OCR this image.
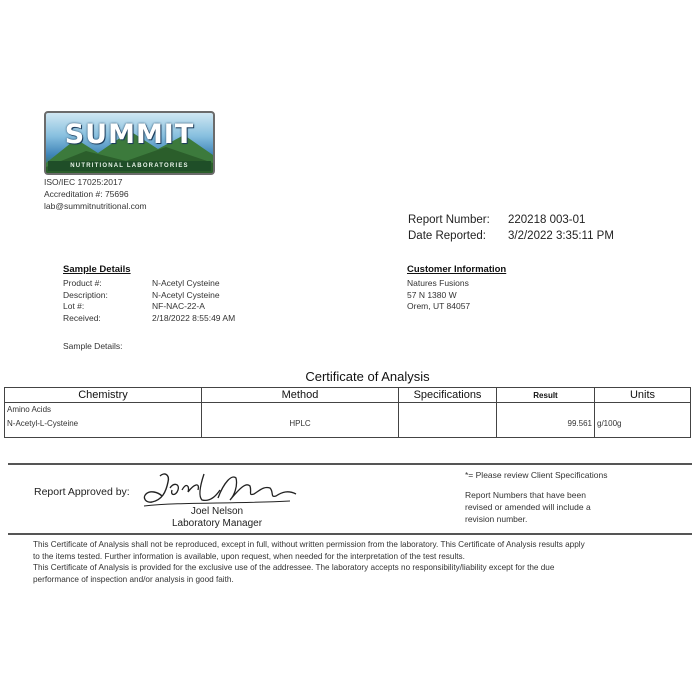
SUMMIT
NUTRITIONAL LABORATORIES
ISO/IEC 17025:2017
Accreditation #: 75696
lab@summitnutritional.com
Report Number:	220218 003-01
Date Reported:	3/2/2022 3:35:11 PM
Sample Details
Product #:	N-Acetyl Cysteine
Description:	N-Acetyl Cysteine
Lot #:	NF-NAC-22-A
Received:	2/18/2022 8:55:49 AM
Sample Details:
Customer Information
Natures Fusions
57 N 1380 W
Orem, UT 84057
Certificate of Analysis
Chemistry	Method	Specifications	Result	Units

Amino Acids
N-Acetyl-L-Cysteine	HPLC		99.561	g/100g
Report Approved by:
Joel Nelson
Laboratory Manager
*= Please review Client Specifications
Report Numbers that have been
revised or amended will include a
revision number.
This Certificate of Analysis shall not be reproduced, except in full, without written permission from the laboratory. This Certificate of Analysis results apply
to the items tested. Further information is available, upon request, when needed for the interpretation of the test results.
This Certificate of Analysis is provided for the exclusive use of the addressee. The laboratory accepts no responsibility/liability except for the due
performance of inspection and/or analysis in good faith.
